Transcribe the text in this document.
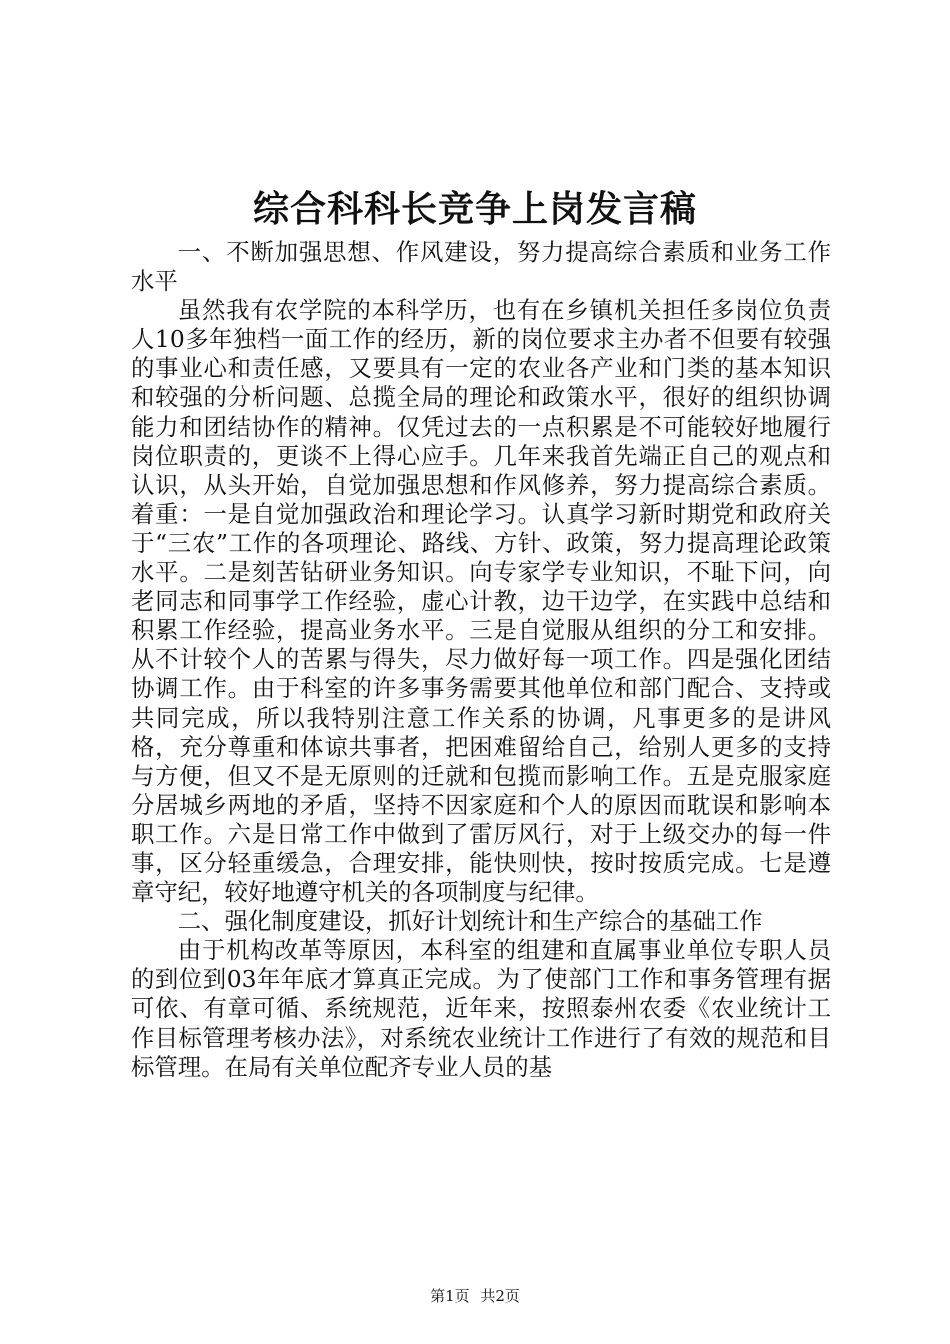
综合科科长竞争上岗发言稿

一、不断加强思想、作风建设，努力提高综合素质和业务工作水平

虽然我有农学院的本科学历，也有在乡镇机关担任多岗位负责人10多年独档一面工作的经历，新的岗位要求主办者不但要有较强的事业心和责任感，又要具有一定的农业各产业和门类的基本知识和较强的分析问题、总揽全局的理论和政策水平，很好的组织协调能力和团结协作的精神。仅凭过去的一点积累是不可能较好地履行岗位职责的，更谈不上得心应手。几年来我首先端正自己的观点和认识，从头开始，自觉加强思想和作风修养，努力提高综合素质。着重：一是自觉加强政治和理论学习。认真学习新时期党和政府关于“三农”工作的各项理论、路线、方针、政策，努力提高理论政策水平。二是刻苦钻研业务知识。向专家学专业知识，不耻下问，向老同志和同事学工作经验，虚心计教，边干边学，在实践中总结和积累工作经验，提高业务水平。三是自觉服从组织的分工和安排。从不计较个人的苦累与得失，尽力做好每一项工作。四是强化团结协调工作。由于科室的许多事务需要其他单位和部门配合、支持或共同完成，所以我特别注意工作关系的协调，凡事更多的是讲风格，充分尊重和体谅共事者，把困难留给自己，给别人更多的支持与方便，但又不是无原则的迁就和包揽而影响工作。五是克服家庭分居城乡两地的矛盾，坚持不因家庭和个人的原因而耽误和影响本职工作。六是日常工作中做到了雷厉风行，对于上级交办的每一件事，区分轻重缓急，合理安排，能快则快，按时按质完成。七是遵章守纪，较好地遵守机关的各项制度与纪律。

二、强化制度建设，抓好计划统计和生产综合的基础工作

由于机构改革等原因，本科室的组建和直属事业单位专职人员的到位到03年年底才算真正完成。为了使部门工作和事务管理有据可依、有章可循、系统规范，近年来，按照泰州农委《农业统计工作目标管理考核办法》，对系统农业统计工作进行了有效的规范和目标管理。在局有关单位配齐专业人员的基

第1页 共2页
